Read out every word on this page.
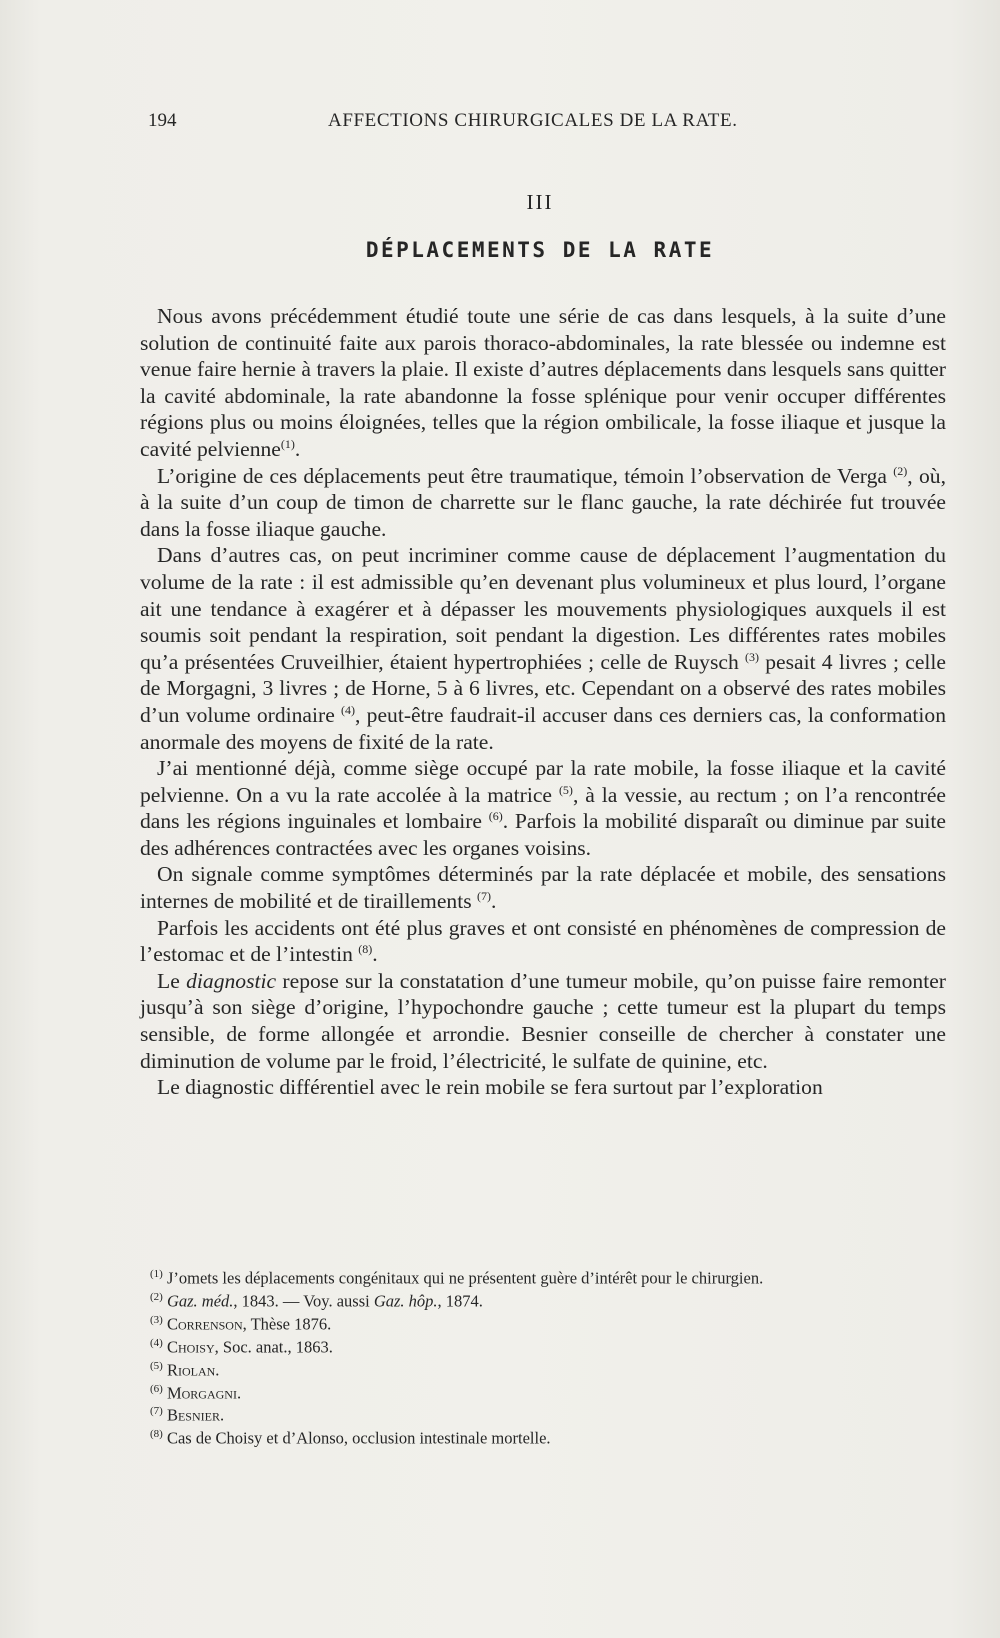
194	AFFECTIONS CHIRURGICALES DE LA RATE.
III
DÉPLACEMENTS DE LA RATE

Nous avons précédemment étudié toute une série de cas dans lesquels, à la suite d’une solution de continuité faite aux parois thoraco-abdominales, la rate blessée ou indemne est venue faire hernie à travers la plaie. Il existe d’autres déplacements dans lesquels sans quitter la cavité abdominale, la rate abandonne la fosse splénique pour venir occuper différentes régions plus ou moins éloignées, telles que la région ombilicale, la fosse iliaque et jusque la cavité pelvienne$^{(1)}$.

L’origine de ces déplacements peut être traumatique, témoin l’observation de Verga $^{(2)}$, où, à la suite d’un coup de timon de charrette sur le flanc gauche, la rate déchirée fut trouvée dans la fosse iliaque gauche.

Dans d’autres cas, on peut incriminer comme cause de déplacement l’augmentation du volume de la rate : il est admissible qu’en devenant plus volumineux et plus lourd, l’organe ait une tendance à exagérer et à dépasser les mouvements physiologiques auxquels il est soumis soit pendant la respiration, soit pendant la digestion. Les différentes rates mobiles qu’a présentées Cruveilhier, étaient hypertrophiées ; celle de Ruysch $^{(3)}$ pesait 4 livres ; celle de Morgagni, 3 livres ; de Horne, 5 à 6 livres, etc. Cependant on a observé des rates mobiles d’un volume ordinaire $^{(4)}$, peut-être faudrait-il accuser dans ces derniers cas, la conformation anormale des moyens de fixité de la rate.

J’ai mentionné déjà, comme siège occupé par la rate mobile, la fosse iliaque et la cavité pelvienne. On a vu la rate accolée à la matrice $^{(5)}$, à la vessie, au rectum ; on l’a rencontrée dans les régions inguinales et lombaire $^{(6)}$. Parfois la mobilité disparaît ou diminue par suite des adhérences contractées avec les organes voisins.

On signale comme symptômes déterminés par la rate déplacée et mobile, des sensations internes de mobilité et de tiraillements $^{(7)}$.

Parfois les accidents ont été plus graves et ont consisté en phénomènes de compression de l’estomac et de l’intestin $^{(8)}$.

Le diagnostic repose sur la constatation d’une tumeur mobile, qu’on puisse faire remonter jusqu’à son siège d’origine, l’hypochondre gauche ; cette tumeur est la plupart du temps sensible, de forme allongée et arrondie. Besnier conseille de chercher à constater une diminution de volume par le froid, l’électricité, le sulfate de quinine, etc.

Le diagnostic différentiel avec le rein mobile se fera surtout par l’exploration

$^{(1)}$ J’omets les déplacements congénitaux qui ne présentent guère d’intérêt pour le chirurgien.

$^{(2)}$ Gaz. méd., 1843. — Voy. aussi Gaz. hôp., 1874.

$^{(3)}$ Correnson, Thèse 1876.

$^{(4)}$ Choisy, Soc. anat., 1863.

$^{(5)}$ Riolan.

$^{(6)}$ Morgagni.

$^{(7)}$ Besnier.

$^{(8)}$ Cas de Choisy et d’Alonso, occlusion intestinale mortelle.
